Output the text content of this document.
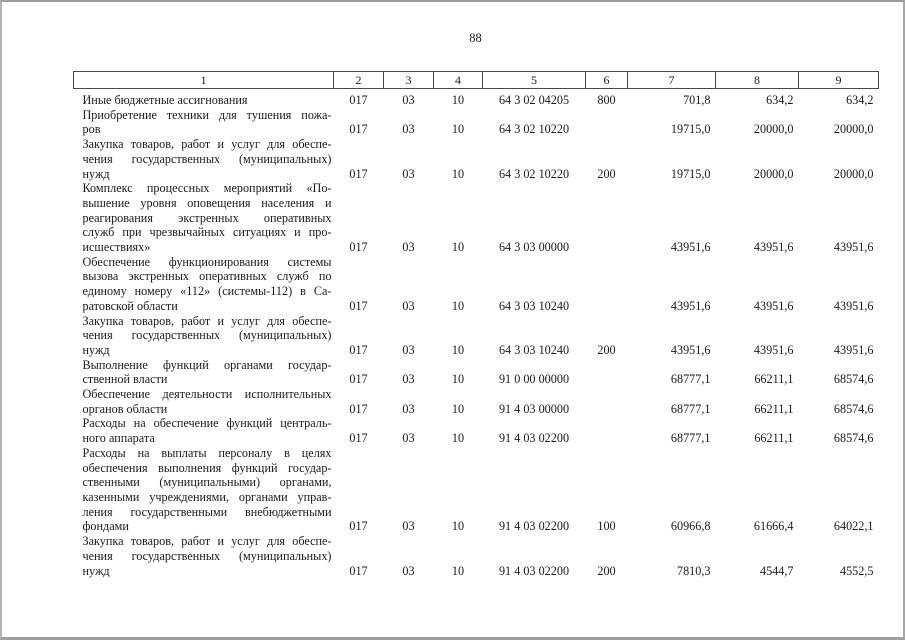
88
1	2	3	4	5	6	7	8	9

Иные бюджетные ассигнования	017	03	10	64 3 02 04205	800	701,8	634,2	634,2

Приобретение техники для тушения пожа-
ров	017	03	10	64 3 02 10220		19715,0	20000,0	20000,0

Закупка товаров, работ и услуг для обеспе-
чения государственных (муниципальных)
нужд	017	03	10	64 3 02 10220	200	19715,0	20000,0	20000,0

Комплекс процессных мероприятий «По-
вышение уровня оповещения населения и
реагирования экстренных оперативных
служб при чрезвычайных ситуациях и про-
исшествиях»	017	03	10	64 3 03 00000		43951,6	43951,6	43951,6

Обеспечение функционирования системы
вызова экстренных оперативных служб по
единому номеру «112» (системы-112) в Са-
ратовской области	017	03	10	64 3 03 10240		43951,6	43951,6	43951,6

Закупка товаров, работ и услуг для обеспе-
чения государственных (муниципальных)
нужд	017	03	10	64 3 03 10240	200	43951,6	43951,6	43951,6

Выполнение функций органами государ-
ственной власти	017	03	10	91 0 00 00000		68777,1	66211,1	68574,6

Обеспечение деятельности исполнительных
органов области	017	03	10	91 4 03 00000		68777,1	66211,1	68574,6

Расходы на обеспечение функций централь-
ного аппарата	017	03	10	91 4 03 02200		68777,1	66211,1	68574,6

Расходы на выплаты персоналу в целях
обеспечения выполнения функций государ-
ственными (муниципальными) органами,
казенными учреждениями, органами управ-
ления государственными внебюджетными
фондами	017	03	10	91 4 03 02200	100	60966,8	61666,4	64022,1

Закупка товаров, работ и услуг для обеспе-
чения государственных (муниципальных)
нужд	017	03	10	91 4 03 02200	200	7810,3	4544,7	4552,5
